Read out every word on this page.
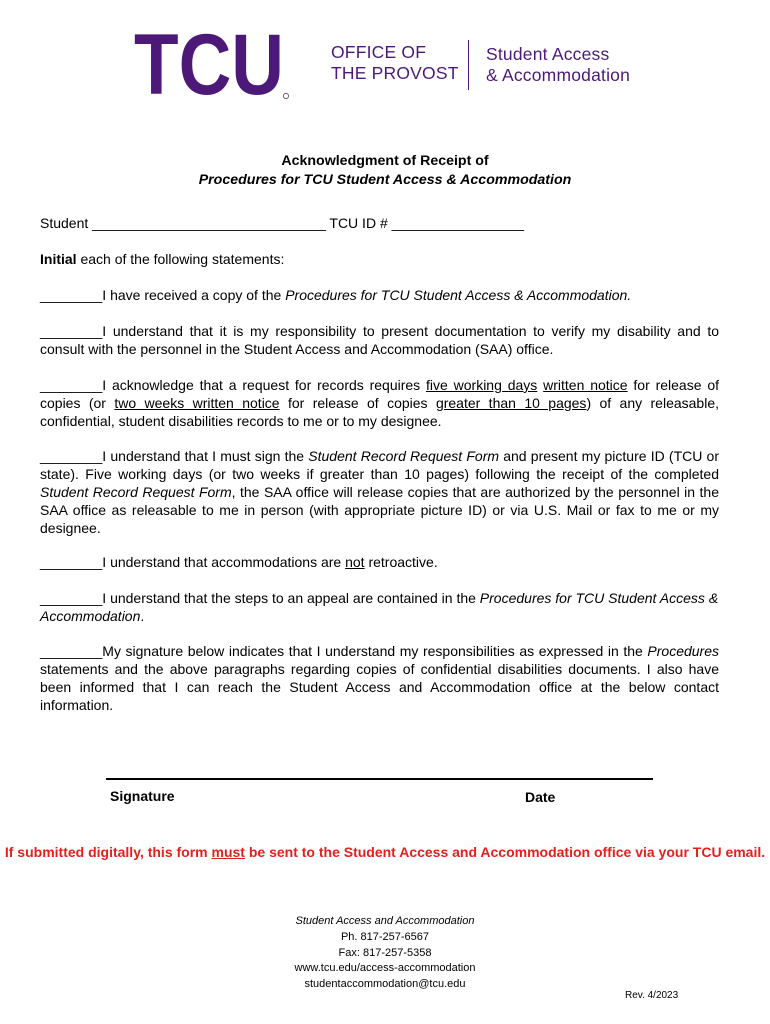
TCU	OFFICE OF
THE PROVOST
Student Access
& Accommodation
Acknowledgment of Receipt of
Procedures for TCU Student Access & Accommodation
Student ______________________________ TCU ID # _________________
Initial each of the following statements:
________I have received a copy of the Procedures for TCU Student Access & Accommodation.
________I understand that it is my responsibility to present documentation to verify my disability and to consult with the personnel in the Student Access and Accommodation (SAA) office.
________I acknowledge that a request for records requires five working days written notice for release of copies (or two weeks written notice for release of copies greater than 10 pages) of any releasable, confidential, student disabilities records to me or to my designee.
________I understand that I must sign the Student Record Request Form and present my picture ID (TCU or state). Five working days (or two weeks if greater than 10 pages) following the receipt of the completed Student Record Request Form, the SAA office will release copies that are authorized by the personnel in the SAA office as releasable to me in person (with appropriate picture ID) or via U.S. Mail or fax to me or my designee.
________I understand that accommodations are not retroactive.
________I understand that the steps to an appeal are contained in the Procedures for TCU Student Access & Accommodation.
________My signature below indicates that I understand my responsibilities as expressed in the Procedures statements and the above paragraphs regarding copies of confidential disabilities documents. I also have been informed that I can reach the Student Access and Accommodation office at the below contact information.
Signature	Date
If submitted digitally, this form must be sent to the Student Access and Accommodation office via your TCU email.
Student Access and Accommodation
Ph. 817-257-6567
Fax: 817-257-5358
www.tcu.edu/access-accommodation
studentaccommodation@tcu.edu
Rev. 4/2023
